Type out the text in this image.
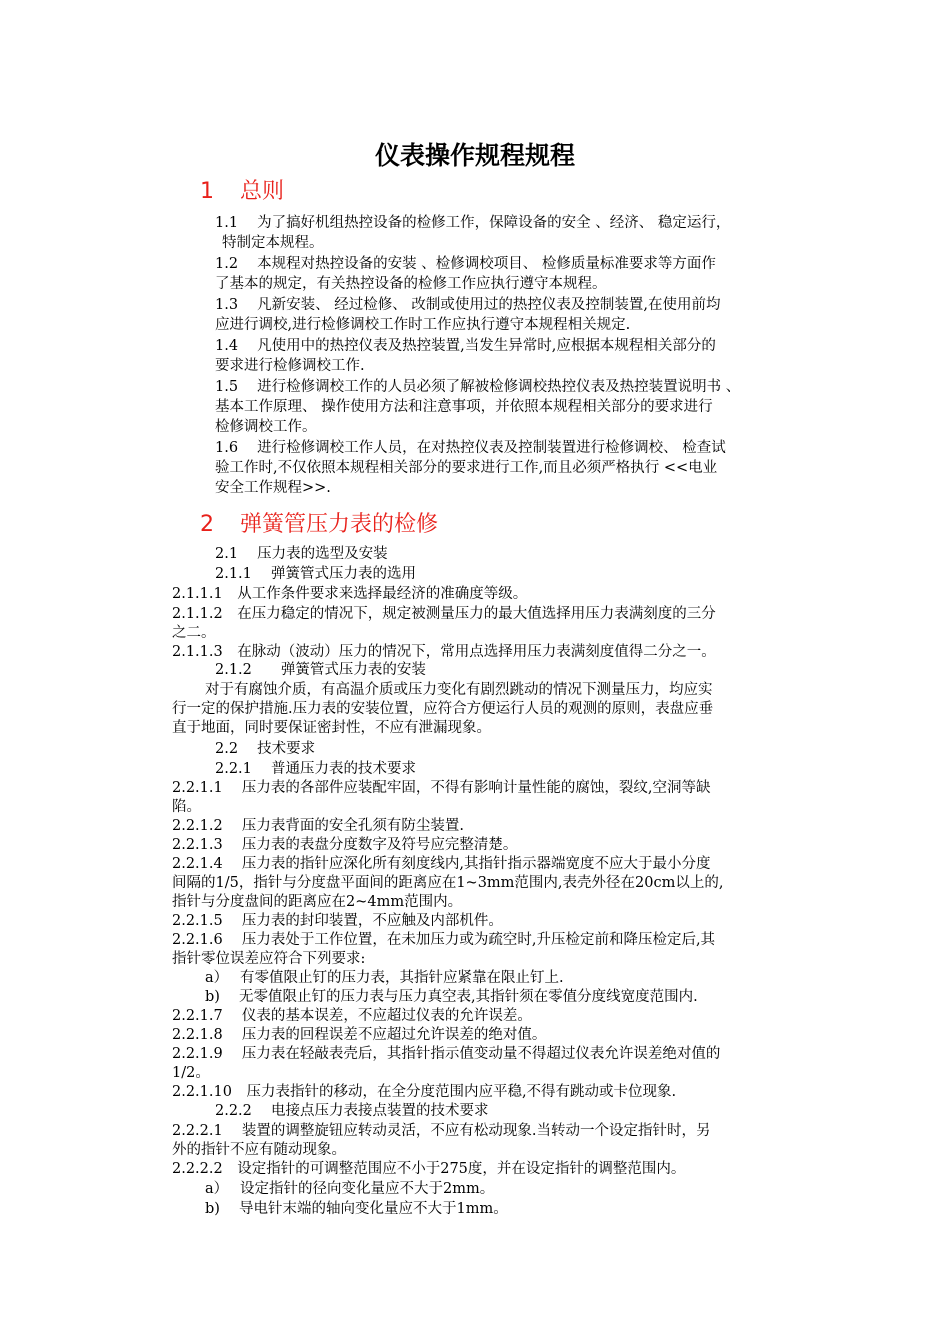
仪表操作规程规程
1 总则
1.1　 为了搞好机组热控设备的检修工作，保障设备的安全 、经济、 稳定运行，
特制定本规程。
1.2　 本规程对热控设备的安装 、检修调校项目、 检修质量标准要求等方面作
了基本的规定，有关热控设备的检修工作应执行遵守本规程。
1.3　 凡新安装、 经过检修、 改制或使用过的热控仪表及控制装置,在使用前均
应进行调校,进行检修调校工作时工作应执行遵守本规程相关规定.
1.4　 凡使用中的热控仪表及热控装置,当发生异常时,应根据本规程相关部分的
要求进行检修调校工作.
1.5　 进行检修调校工作的人员必须了解被检修调校热控仪表及热控装置说明书 、
基本工作原理、 操作使用方法和注意事项，并依照本规程相关部分的要求进行
检修调校工作。
1.6　 进行检修调校工作人员，在对热控仪表及控制装置进行检修调校、 检查试
验工作时,不仅依照本规程相关部分的要求进行工作,而且必须严格执行 <<电业
安全工作规程>>.
2 弹簧管压力表的检修
2.1　 压力表的选型及安装
2.1.1　 弹簧管式压力表的选用
2.1.1.1　从工作条件要求来选择最经济的准确度等级。
2.1.1.2　在压力稳定的情况下，规定被测量压力的最大值选择用压力表满刻度的三分
之二。
2.1.1.3　在脉动（波动）压力的情况下，常用点选择用压力表满刻度值得二分之一。
2.1.2　　弹簧管式压力表的安装
对于有腐蚀介质，有高温介质或压力变化有剧烈跳动的情况下测量压力，均应实
行一定的保护措施.压力表的安装位置，应符合方便运行人员的观测的原则，表盘应垂
直于地面，同时要保证密封性，不应有泄漏现象。
2.2　 技术要求
2.2.1　 普通压力表的技术要求
2.2.1.1　 压力表的各部件应装配牢固，不得有影响计量性能的腐蚀，裂纹,空洞等缺
陷。
2.2.1.2　 压力表背面的安全孔须有防尘装置.
2.2.1.3　 压力表的表盘分度数字及符号应完整清楚。
2.2.1.4　 压力表的指针应深化所有刻度线内,其指针指示器端宽度不应大于最小分度
间隔的1/5，指针与分度盘平面间的距离应在1~3mm范围内,表壳外径在20cm以上的,
指针与分度盘间的距离应在2~4mm范围内。
2.2.1.5　 压力表的封印装置，不应触及内部机件。
2.2.1.6　 压力表处于工作位置，在未加压力或为疏空时,升压检定前和降压检定后,其
指针零位误差应符合下列要求:
a）　 有零值限止钉的压力表，其指针应紧靠在限止钉上.
b)　 无零值限止钉的压力表与压力真空表,其指针须在零值分度线宽度范围内.
2.2.1.7　 仪表的基本误差，不应超过仪表的允许误差。
2.2.1.8　 压力表的回程误差不应超过允许误差的绝对值。
2.2.1.9　 压力表在轻敲表壳后，其指针指示值变动量不得超过仪表允许误差绝对值的
1/2。
2.2.1.10　压力表指针的移动，在全分度范围内应平稳,不得有跳动或卡位现象.
2.2.2　 电接点压力表接点装置的技术要求
2.2.2.1　 装置的调整旋钮应转动灵活，不应有松动现象.当转动一个设定指针时，另
外的指针不应有随动现象。
2.2.2.2　设定指针的可调整范围应不小于275度，并在设定指针的调整范围内。
a）　 设定指针的径向变化量应不大于2mm。
b)　 导电针末端的轴向变化量应不大于1mm。
